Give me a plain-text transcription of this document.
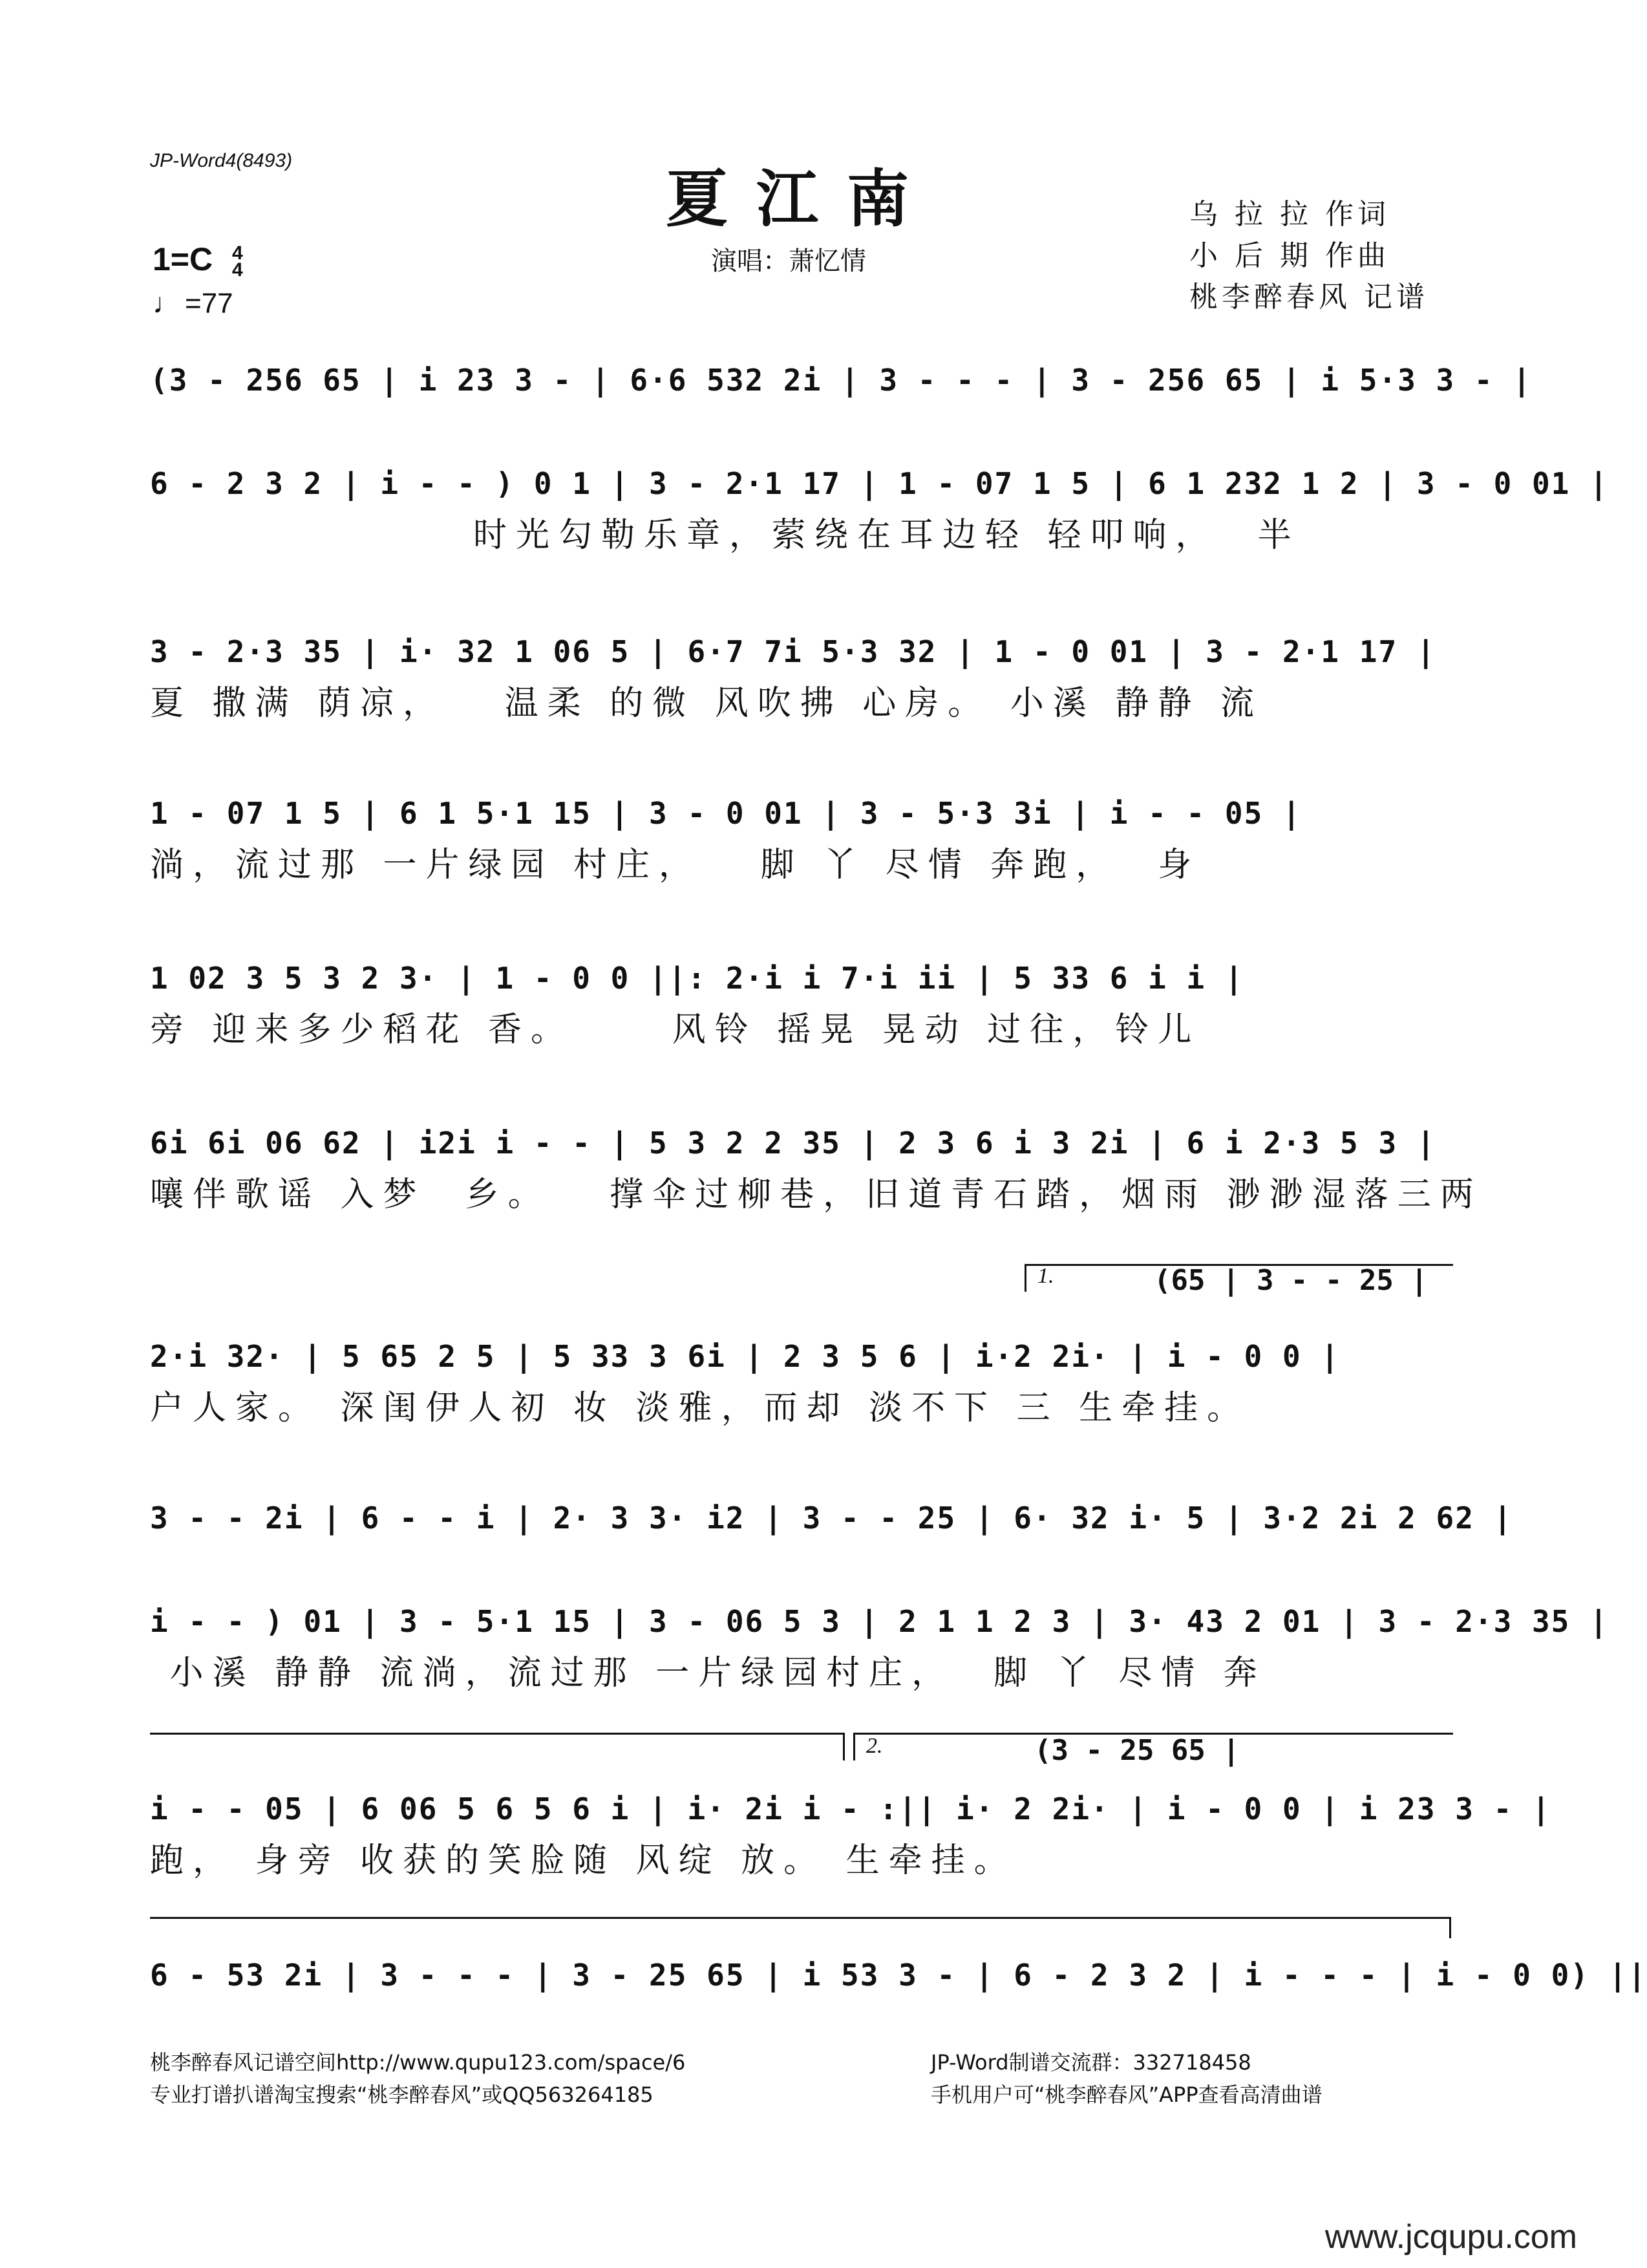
JP-Word4(8493)
夏江南
演唱：萧忆情
乌 拉 拉 作词
小 后 期 作曲
桃李醉春风 记谱
1=C 4
4
♩ =77
(3 - 256 65 | i 23 3 - | 6·6 532 2i | 3 - - - | 3 - 256 65 | i 5·3 3 - |
6 - 2 3 2 | i - - ) 0 1 | 3 - 2·1 17 | 1 - 07 1 5 | 6 1 232 1 2 | 3 - 0 01 |
时光勾勒乐章，萦绕在耳边轻 轻叩响，  半
3 - 2·3 35 | i· 32 1 06 5 | 6·7 7i 5·3 32 | 1 - 0 01 | 3 - 2·1 17 |
夏 撒满 荫凉，   温柔 的微 风吹拂 心房。 小溪 静静 流
1 - 07 1 5 | 6 1 5·1 15 | 3 - 0 01 | 3 - 5·3 3i | i - - 05 |
淌，流过那 一片绿园 村庄，   脚 丫 尽情 奔跑，  身
1 02 3 5 3 2 3· | 1 - 0 0 ||: 2·i i 7·i ii | 5 33 6 i i |
旁 迎来多少稻花 香。     风铃 摇晃 晃动 过往，铃儿
6i 6i 06 62 | i2i i - - | 5 3 2 2 35 | 2 3 6 i 3 2i | 6 i 2·3 5 3 |
嚷伴歌谣 入梦  乡。   撑伞过柳巷，旧道青石踏，烟雨 渺渺湿落三两
1.	(65 | 3 - - 25 |
2·i 32· | 5 65 2 5 | 5 33 3 6i | 2 3 5 6 | i·2 2i· | i - 0 0 |
户人家。 深闺伊人初 妆 淡雅，而却 淡不下 三 生牵挂。
3 - - 2i | 6 - - i | 2· 3 3· i2 | 3 - - 25 | 6· 32 i· 5 | 3·2 2i 2 62 |
i - - ) 01 | 3 - 5·1 15 | 3 - 06 5 3 | 2 1 1 2 3 | 3· 43 2 01 | 3 - 2·3 35 |
小溪 静静 流淌，流过那 一片绿园村庄，  脚 丫 尽情 奔
2.	(3 - 25 65 |
i - - 05 | 6 06 5 6 5 6 i | i· 2i i - :|| i· 2 2i· | i - 0 0 | i 23 3 - |
跑， 身旁 收获的笑脸随 风绽 放。 生牵挂。
6 - 53 2i | 3 - - - | 3 - 25 65 | i 53 3 - | 6 - 2 3 2 | i - - - | i - 0 0) ||
桃李醉春风记谱空间http://www.qupu123.com/space/6
专业打谱扒谱淘宝搜索“桃李醉春风”或QQ563264185
JP-Word制谱交流群：332718458
手机用户可“桃李醉春风”APP查看高清曲谱
www.jcqupu.com
